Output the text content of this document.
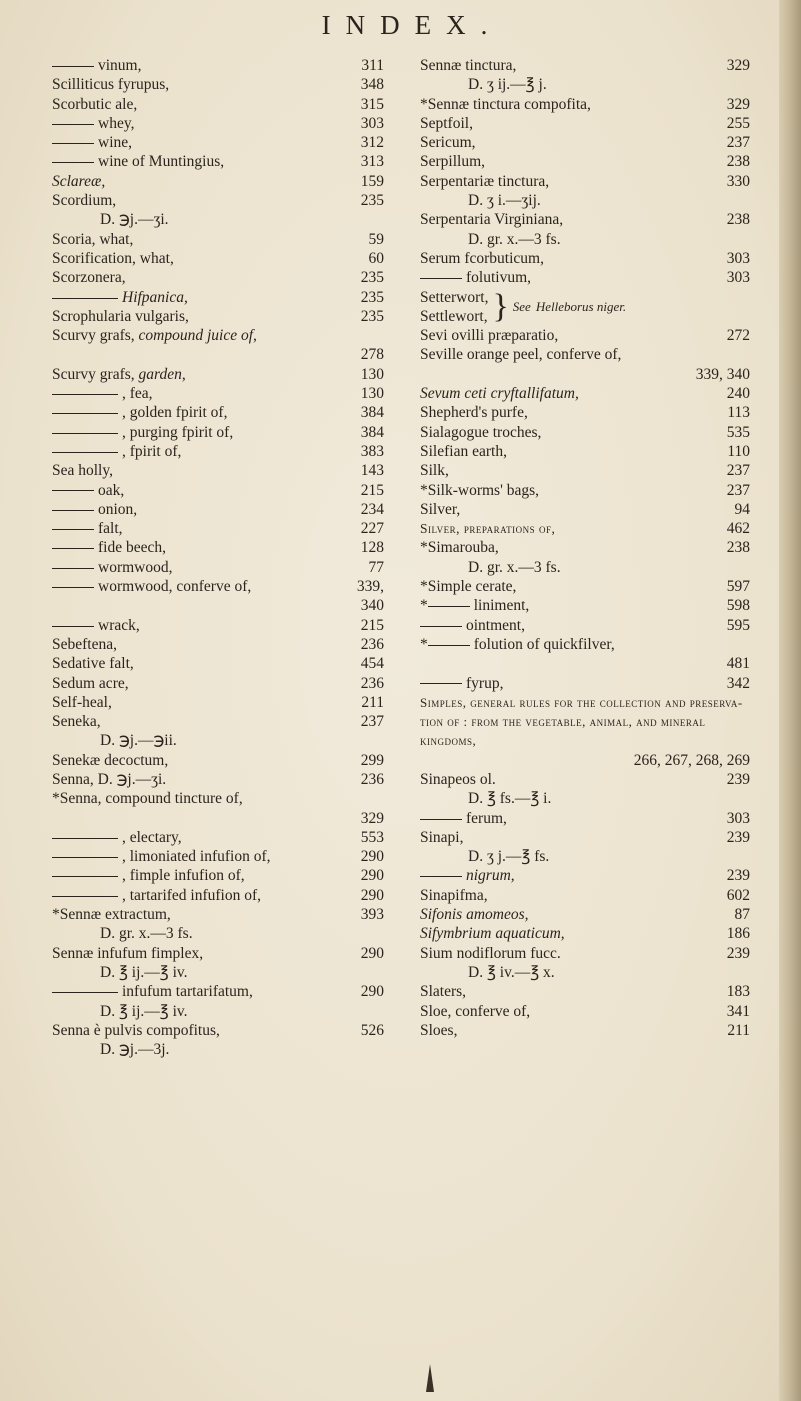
INDEX.
vinum,	311
Scilliticus fyrupus,	348
Scorbutic ale,	315
whey,	303
wine,	312
wine of Muntingius,	313
Sclareæ,	159
Scordium,	235
D. ℈j.—ʒi.
Scoria, what,	59
Scorification, what,	60
Scorzonera,	235
Hifpanica,	235
Scrophularia vulgaris,	235
Scurvy grafs, compound juice of,
278
Scurvy grafs, garden,	130
, fea,	130
, golden fpirit of,	384
, purging fpirit of,	384
, fpirit of,	383
Sea holly,	143
oak,	215
onion,	234
falt,	227
fide beech,	128
wormwood,	77
wormwood, conferve of,	339,
340
wrack,	215
Sebeftena,	236
Sedative falt,	454
Sedum acre,	236
Self-heal,	211
Seneka,	237
D. ℈j.—℈ii.
Senekæ decoctum,	299
Senna, D. ℈j.—ʒi.	236
*Senna, compound tincture of,
329
, electary,	553
, limoniated infufion of,	290
, fimple infufion of,	290
, tartarifed infufion of,	290
*Sennæ extractum,	393
D. gr. x.—3 fs.
Sennæ infufum fimplex,	290
D. ℥ ij.—℥ iv.
infufum tartarifatum,	290
D. ℥ ij.—℥ iv.
Senna è pulvis compofitus,	526
D. ℈j.—3j.
Sennæ tinctura,	329
D. ʒ ij.—℥ j.
*Sennæ tinctura compofita,	329
Septfoil,	255
Sericum,	237
Serpillum,	238
Serpentariæ tinctura,	330
D. ʒ i.—ʒij.
Serpentaria Virginiana,	238
D. gr. x.—3 fs.
Serum fcorbuticum,	303
folutivum,	303
Setterwort,
Settlewort, } See Helleborus niger.
Sevi ovilli præparatio,	272
Seville orange peel, conferve of,
339, 340
Sevum ceti cryftallifatum,	240
Shepherd's purfe,	113
Sialagogue troches,	535
Silefian earth,	110
Silk,	237
*Silk-worms' bags,	237
Silver,	94
Silver, preparations of,	462
*Simarouba,	238
D. gr. x.—3 fs.
*Simple cerate,	597
*	liniment,	598
ointment,	595
*	folution of quickfilver,
481
fyrup,	342
Simples, general rules for the collection and preserva-tion of : from the vegetable, animal, and mineral kingdoms,
266, 267, 268, 269
Sinapeos ol.	239
D. ℥ fs.—℥ i.
ferum,	303
Sinapi,	239
D. ʒ j.—℥ fs.
nigrum,	239
Sinapifma,	602
Sifonis amomeos,	87
Sifymbrium aquaticum,	186
Sium nodiflorum fucc.	239
D. ℥ iv.—℥ x.
Slaters,	183
Sloe, conferve of,	341
Sloes,	211
